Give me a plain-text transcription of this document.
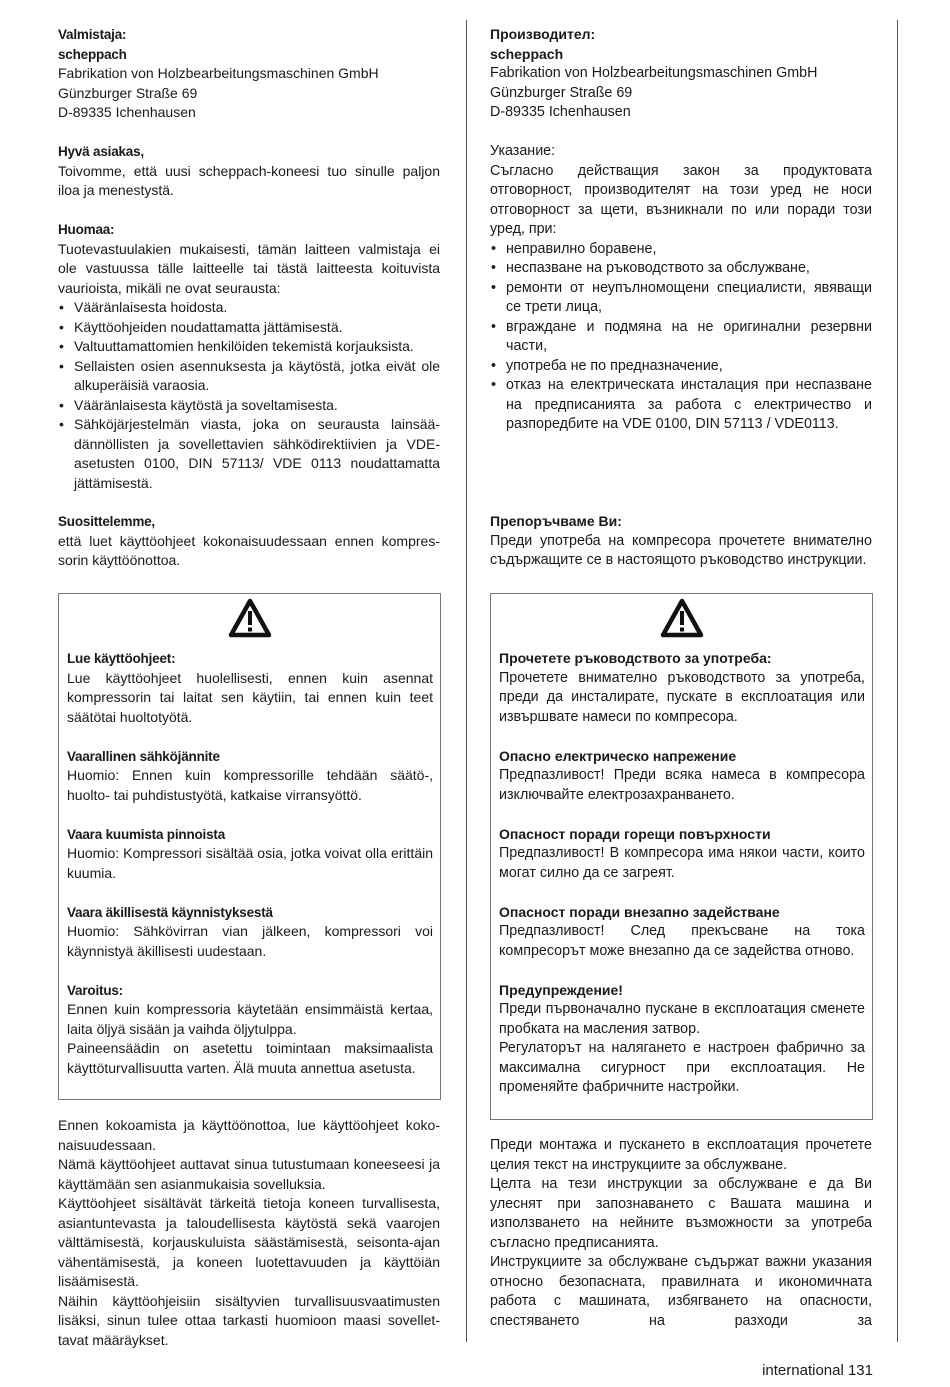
Valmistaja:

scheppach

Fabrikation von Holzbearbeitungsmaschinen GmbH

Günzburger Straße 69

D-89335 Ichenhausen

Hyvä asiakas,

Toivomme, että uusi scheppach-koneesi tuo sinulle paljon iloa ja menestystä.

Huomaa:

Tuotevastuulakien mukaisesti, tämän laitteen valmistaja ei ole vastuussa tälle laitteelle tai tästä laitteesta koituvista vaurioista, mikäli ne ovat seurausta:

• Vääränlaisesta hoidosta.
• Käyttöohjeiden noudattamatta jättämisestä.
• Valtuuttamattomien henkilöiden tekemistä korjauksista.
• Sellaisten osien asennuksesta ja käytöstä, jotka eivät ole alkuperäisiä varaosia.
• Vääränlaisesta käytöstä ja soveltamisesta.
• Sähköjärjestelmän viasta, joka on seurausta lainsäädännöllisten ja sovellettavien sähködirektiivien ja VDE-asetusten 0100, DIN 57113/ VDE 0113 noudattamatta jättämisestä.

Suosittelemme,

että luet käyttöohjeet kokonaisuudessaan ennen kompressorin käyttöönottoa.

Lue käyttöohjeet:

Lue käyttöohjeet huolellisesti, ennen kuin asennat kompressorin tai laitat sen käytiin, tai ennen kuin teet säätötai huoltotyötä.

Vaarallinen sähköjännite

Huomio: Ennen kuin kompressorille tehdään säätö-, huolto- tai puhdistustyötä, katkaise virransyöttö.

Vaara kuumista pinnoista

Huomio: Kompressori sisältää osia, jotka voivat olla erittäin kuumia.

Vaara äkillisestä käynnistyksestä

Huomio: Sähkövirran vian jälkeen, kompressori voi käynnistyä äkillisesti uudestaan.

Varoitus:

Ennen kuin kompressoria käytetään ensimmäistä kertaa, laita öljyä sisään ja vaihda öljytulppa.

Paineensäädin on asetettu toimintaan maksimaalista käyttöturvallisuutta varten. Älä muuta annettua asetusta.

Ennen kokoamista ja käyttöönottoa, lue käyttöohjeet kokonaisuudessaan.

Nämä käyttöohjeet auttavat sinua tutustumaan koneeseesi ja käyttämään sen asianmukaisia sovelluksia.

Käyttöohjeet sisältävät tärkeitä tietoja koneen turvallisesta, asiantuntevasta ja taloudellisesta käytöstä sekä vaarojen välttämisestä, korjauskuluista säästämisestä, seisonta-ajan vähentämisestä, ja koneen luotettavuuden ja käyttöiän lisäämisestä.

Näihin käyttöohjeisiin sisältyvien turvallisuusvaatimusten lisäksi, sinun tulee ottaa tarkasti huomioon maasi sovellettavat määräykset.

Производител:

scheppach

Fabrikation von Holzbearbeitungsmaschinen GmbH

Günzburger Straße 69

D-89335 Ichenhausen

Указание:

Съгласно действащия закон за продуктовата отговорност, производителят на този уред не носи отговорност за щети, възникнали по или поради този уред, при:

• неправилно боравене,
• неспазване на ръководството за обслужване,
• ремонти от неупълномощени специалисти, явяващи се трети лица,
• вграждане и подмяна на не оригинални резервни части,
• употреба не по предназначение,
• отказ на електрическата инсталация при неспазване на предписанията за работа с електричество и разпоредбите на VDE 0100, DIN 57113 / VDE0113.

Препоръчваме Ви:

Преди употреба на компресора прочетете внимателно съдържащите се в настоящото ръководство инструкции.

Прочетете ръководството за употреба:

Прочетете внимателно ръководството за употреба, преди да инсталирате, пускате в експлоатация или извършвате намеси по компресора.

Опасно електрическо напрежение

Предпазливост! Преди всяка намеса в компресора изключвайте електрозахранването.

Опасност поради горещи повърхности

Предпазливост! В компресора има някои части, които могат силно да се загреят.

Опасност поради внезапно задействане

Предпазливост! След прекъсване на тока компресорът може внезапно да се задейства отново.

Предупреждение!

Преди първоначално пускане в експлоатация сменете пробката на масления затвор.

Регулаторът на налягането е настроен фабрично за максимална сигурност при експлоатация. Не променяйте фабричните настройки.

Преди монтажа и пускането в експлоатация прочетете целия текст на инструкциите за обслужване.

Целта на тези инструкции за обслужване е да Ви улеснят при запознаването с Вашата машина и използването на нейните възможности за употреба съгласно предписанията.

Инструкциите за обслужване съдържат важни указания относно безопасната, правилната и икономичната работа с машината, избягването на опасности, спестяването на разходи за

international 131
